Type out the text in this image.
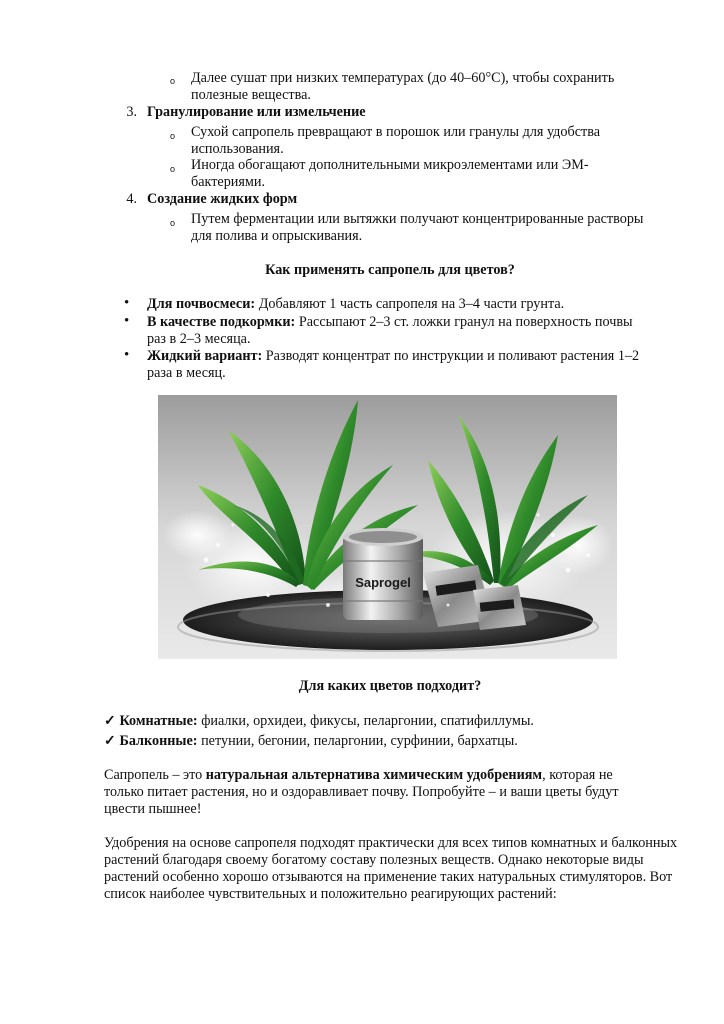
o Далее сушат при низких температурах (до 40–60°C), чтобы сохранить
полезные вещества.
3. Гранулирование или измельчение
o Сухой сапропель превращают в порошок или гранулы для удобства
использования.
o Иногда обогащают дополнительными микроэлементами или ЭМ-
бактериями.
4. Создание жидких форм
o Путем ферментации или вытяжки получают концентрированные растворы
для полива и опрыскивания.
Как применять сапропель для цветов?
• Для почвосмеси: Добавляют 1 часть сапропеля на 3–4 части грунта.
• В качестве подкормки: Рассыпают 2–3 ст. ложки гранул на поверхность почвы
раз в 2–3 месяца.
• Жидкий вариант: Разводят концентрат по инструкции и поливают растения 1–2
раза в месяц.
Saprogel
Для каких цветов подходит?
✓ Комнатные: фиалки, орхидеи, фикусы, пеларгонии, спатифиллумы.
✓ Балконные: петунии, бегонии, пеларгонии, сурфинии, бархатцы.
Сапропель – это натуральная альтернатива химическим удобрениям, которая не
только питает растения, но и оздоравливает почву. Попробуйте – и ваши цветы будут
цвести пышнее!
Удобрения на основе сапропеля подходят практически для всех типов комнатных и балконных
растений благодаря своему богатому составу полезных веществ. Однако некоторые виды
растений особенно хорошо отзываются на применение таких натуральных стимуляторов. Вот
список наиболее чувствительных и положительно реагирующих растений:
